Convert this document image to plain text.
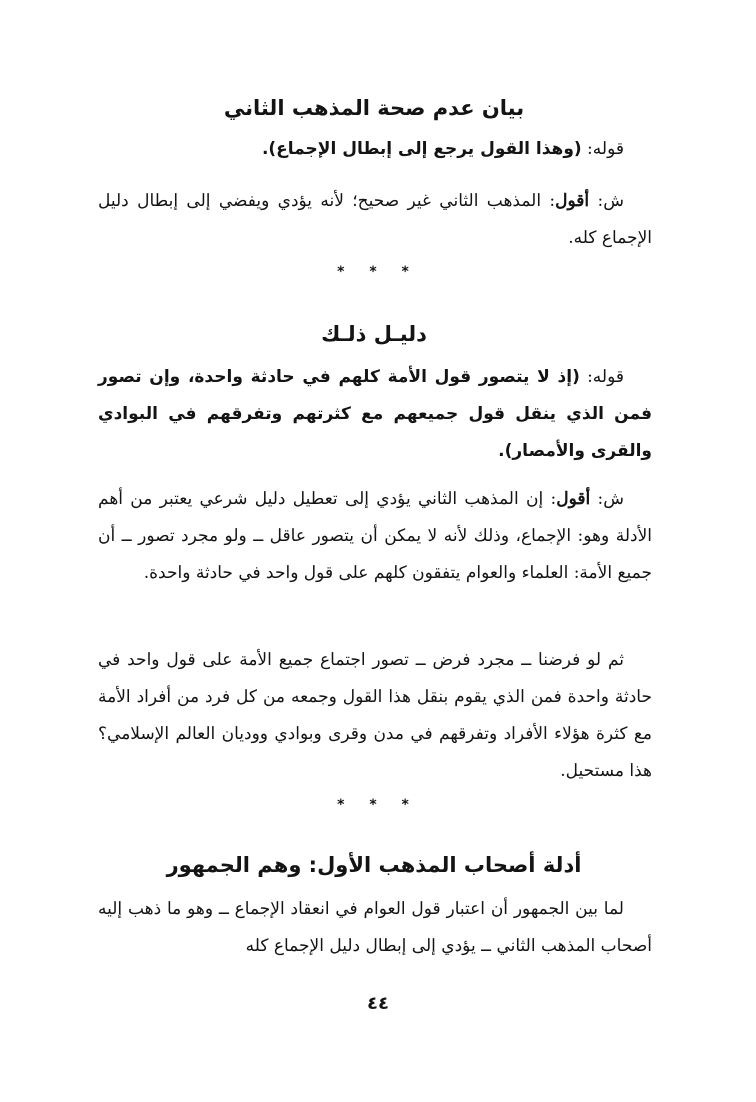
بيان عدم صحة المذهب الثاني

قوله: (وهذا القول يرجع إلى إبطال الإجماع).

ش: أقول: المذهب الثاني غير صحيح؛ لأنه يؤدي ويفضي إلى إبطال دليل الإجماع كله.

* * *
دليـل ذلـك

قوله: (إذ لا يتصور قول الأمة كلهم في حادثة واحدة، وإن تصور فمن الذي ينقل قول جميعهم مع كثرتهم وتفرقهم في البوادي والقرى والأمصار).

ش: أقول: إن المذهب الثاني يؤدي إلى تعطيل دليل شرعي يعتبر من أهم الأدلة وهو: الإجماع، وذلك لأنه لا يمكن أن يتصور عاقل ــ ولو مجرد تصور ــ أن جميع الأمة: العلماء والعوام يتفقون كلهم على قول واحد في حادثة واحدة.

ثم لو فرضنا ــ مجرد فرض ــ تصور اجتماع جميع الأمة على قول واحد في حادثة واحدة فمن الذي يقوم بنقل هذا القول وجمعه من كل فرد من أفراد الأمة مع كثرة هؤلاء الأفراد وتفرقهم في مدن وقرى وبوادي ووديان العالم الإسلامي؟ هذا مستحيل.

* * *
أدلة أصحاب المذهب الأول: وهم الجمهور

لما بين الجمهور أن اعتبار قول العوام في انعقاد الإجماع ــ وهو ما ذهب إليه أصحاب المذهب الثاني ــ يؤدي إلى إبطال دليل الإجماع كله

٤٤
